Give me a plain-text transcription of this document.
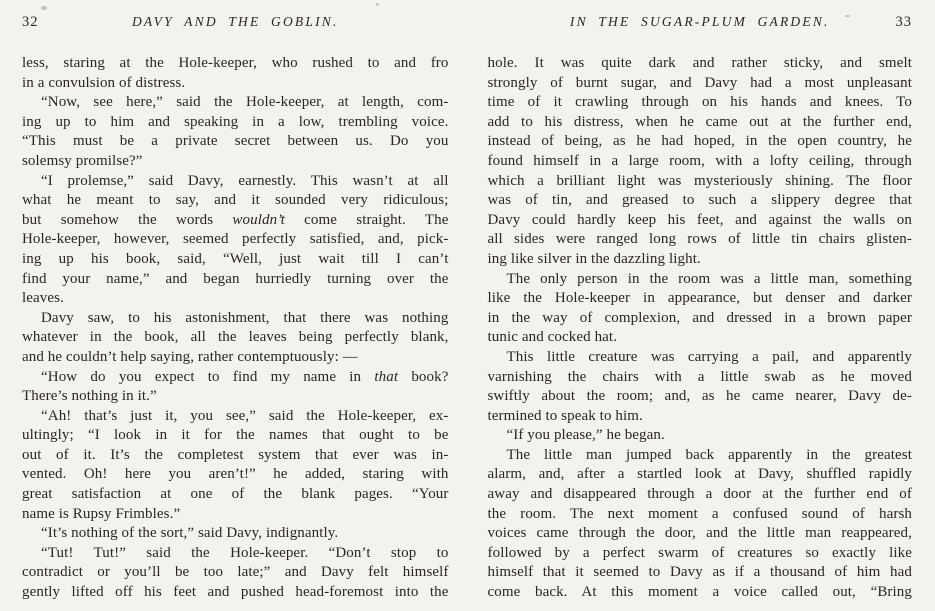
32	DAVY AND THE GOBLIN.
less, staring at the Hole-keeper, who rushed to and fro
in a convulsion of distress.
“Now, see here,” said the Hole-keeper, at length, com-
ing up to him and speaking in a low, trembling voice.
“This must be a private secret between us. Do you
solemsy promilse?”
“I prolemse,” said Davy, earnestly. This wasn’t at all
what he meant to say, and it sounded very ridiculous;
but somehow the words wouldn’t come straight. The
Hole-keeper, however, seemed perfectly satisfied, and, pick-
ing up his book, said, “Well, just wait till I can’t
find your name,” and began hurriedly turning over the
leaves.
Davy saw, to his astonishment, that there was nothing
whatever in the book, all the leaves being perfectly blank,
and he couldn’t help saying, rather contemptuously: —
“How do you expect to find my name in that book?
There’s nothing in it.”
“Ah! that’s just it, you see,” said the Hole-keeper, ex-
ultingly; “I look in it for the names that ought to be
out of it. It’s the completest system that ever was in-
vented. Oh! here you aren’t!” he added, staring with
great satisfaction at one of the blank pages. “Your
name is Rupsy Frimbles.”
“It’s nothing of the sort,” said Davy, indignantly.
“Tut! Tut!” said the Hole-keeper. “Don’t stop to
contradict or you’ll be too late;” and Davy felt himself
gently lifted off his feet and pushed head-foremost into the
IN THE SUGAR-PLUM GARDEN.	33
hole. It was quite dark and rather sticky, and smelt
strongly of burnt sugar, and Davy had a most unpleasant
time of it crawling through on his hands and knees. To
add to his distress, when he came out at the further end,
instead of being, as he had hoped, in the open country, he
found himself in a large room, with a lofty ceiling, through
which a brilliant light was mysteriously shining. The floor
was of tin, and greased to such a slippery degree that
Davy could hardly keep his feet, and against the walls on
all sides were ranged long rows of little tin chairs glisten-
ing like silver in the dazzling light.
The only person in the room was a little man, something
like the Hole-keeper in appearance, but denser and darker
in the way of complexion, and dressed in a brown paper
tunic and cocked hat.
This little creature was carrying a pail, and apparently
varnishing the chairs with a little swab as he moved
swiftly about the room; and, as he came nearer, Davy de-
termined to speak to him.
“If you please,” he began.
The little man jumped back apparently in the greatest
alarm, and, after a startled look at Davy, shuffled rapidly
away and disappeared through a door at the further end of
the room. The next moment a confused sound of harsh
voices came through the door, and the little man reappeared,
followed by a perfect swarm of creatures so exactly like
himself that it seemed to Davy as if a thousand of him had
come back. At this moment a voice called out, “Bring
